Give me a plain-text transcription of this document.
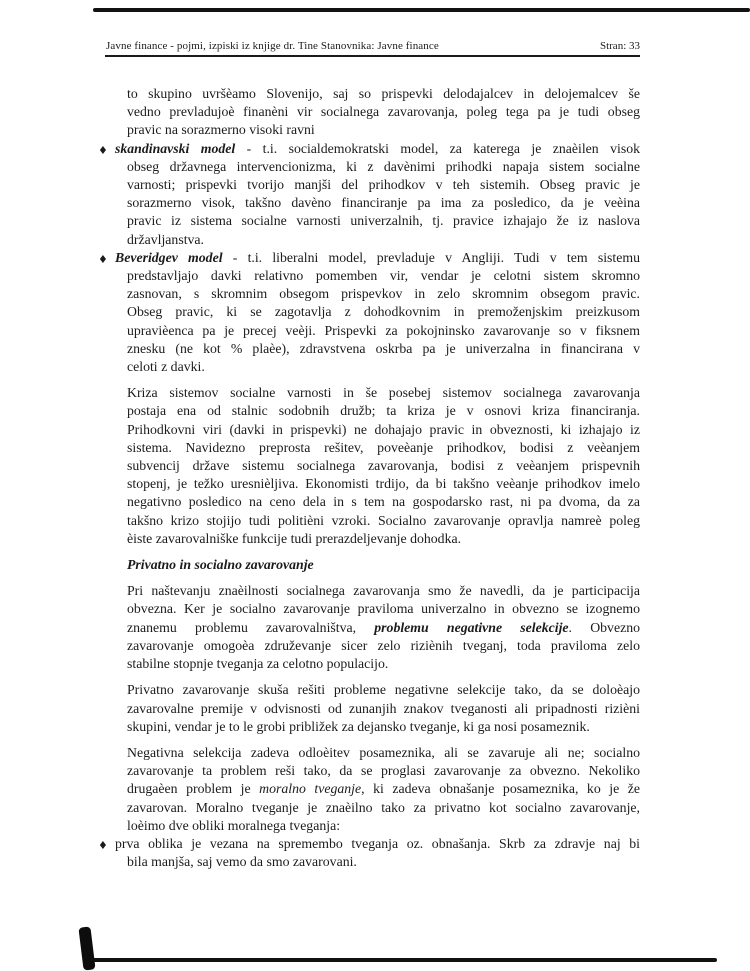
Javne finance - pojmi, izpiski iz knjige dr. Tine Stanovnika: Javne finance	Stran: 33
to skupino uvršèamo Slovenijo, saj so prispevki delodajalcev in delojemalcev še
vedno prevladujoè finanèni vir socialnega zavarovanja, poleg tega pa je tudi obseg
pravic na sorazmerno visoki ravni
♦ skandinavski model - t.i. socialdemokratski model, za katerega je znaèilen visok
obseg državnega intervencionizma, ki z davènimi prihodki napaja sistem socialne
varnosti; prispevki tvorijo manjši del prihodkov v teh sistemih. Obseg pravic je
sorazmerno visok, takšno davèno financiranje pa ima za posledico, da je veèina
pravic iz sistema socialne varnosti univerzalnih, tj. pravice izhajajo že iz naslova
državljanstva.
♦ Beveridgev model - t.i. liberalni model, prevladuje v Angliji. Tudi v tem sistemu
predstavljajo davki relativno pomemben vir, vendar je celotni sistem skromno
zasnovan, s skromnim obsegom prispevkov in zelo skromnim obsegom pravic.
Obseg pravic, ki se zagotavlja z dohodkovnim in premoženjskim preizkusom
upravièenca pa je precej veèji. Prispevki za pokojninsko zavarovanje so v fiksnem
znesku (ne kot % plaèe), zdravstvena oskrba pa je univerzalna in financirana v
celoti z davki.
Kriza sistemov socialne varnosti in še posebej sistemov socialnega zavarovanja
postaja ena od stalnic sodobnih družb; ta kriza je v osnovi kriza financiranja.
Prihodkovni viri (davki in prispevki) ne dohajajo pravic in obveznosti, ki izhajajo iz
sistema. Navidezno preprosta rešitev, poveèanje prihodkov, bodisi z veèanjem
subvencij države sistemu socialnega zavarovanja, bodisi z veèanjem prispevnih
stopenj, je težko uresnièljiva. Ekonomisti trdijo, da bi takšno veèanje prihodkov imelo
negativno posledico na ceno dela in s tem na gospodarsko rast, ni pa dvoma, da za
takšno krizo stojijo tudi politièni vzroki. Socialno zavarovanje opravlja namreè poleg
èiste zavarovalniške funkcije tudi prerazdeljevanje dohodka.
Privatno in socialno zavarovanje
Pri naštevanju znaèilnosti socialnega zavarovanja smo že navedli, da je participacija
obvezna. Ker je socialno zavarovanje praviloma univerzalno in obvezno se izognemo
znanemu problemu zavarovalništva, problemu negativne selekcije. Obvezno
zavarovanje omogoèa združevanje sicer zelo riziènih tveganj, toda praviloma zelo
stabilne stopnje tveganja za celotno populacijo.
Privatno zavarovanje skuša rešiti probleme negativne selekcije tako, da se doloèajo
zavarovalne premije v odvisnosti od zunanjih znakov tveganosti ali pripadnosti rizièni
skupini, vendar je to le grobi približek za dejansko tveganje, ki ga nosi posameznik.
Negativna selekcija zadeva odloèitev posameznika, ali se zavaruje ali ne; socialno
zavarovanje ta problem reši tako, da se proglasi zavarovanje za obvezno. Nekoliko
drugaèen problem je moralno tveganje, ki zadeva obnašanje posameznika, ko je že
zavarovan. Moralno tveganje je znaèilno tako za privatno kot socialno zavarovanje,
loèimo dve obliki moralnega tveganja:
♦ prva oblika je vezana na spremembo tveganja oz. obnašanja. Skrb za zdravje naj bi
bila manjša, saj vemo da smo zavarovani.
